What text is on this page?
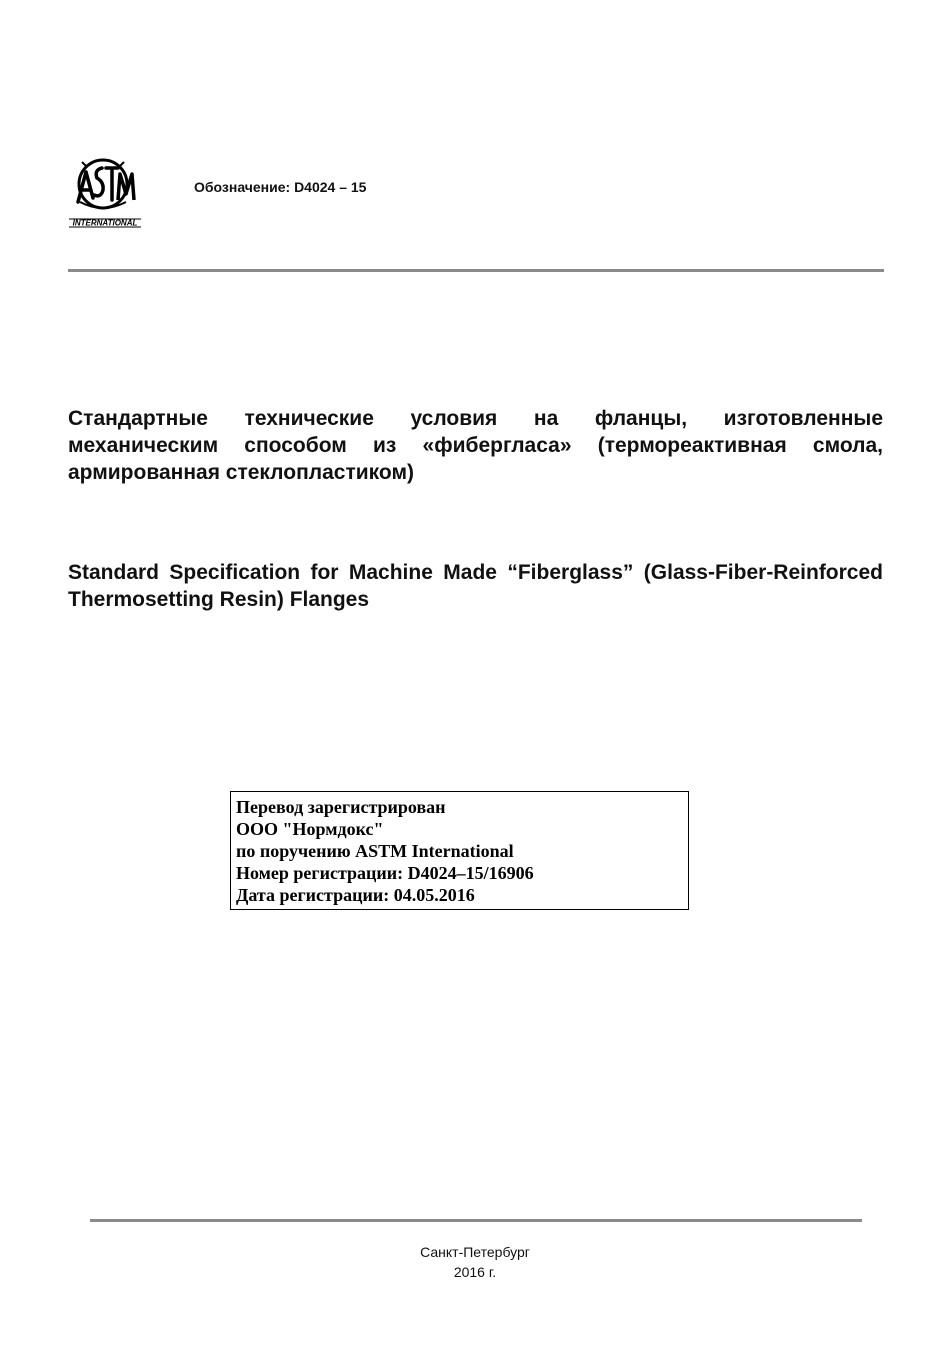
INTERNATIONAL
Обозначение: D4024 – 15

Стандартные технические условия на фланцы, изготовленные механическим способом из «фибергласа» (термореактивная смола, армированная стеклопластиком)

Standard Specification for Machine Made “Fiberglass” (Glass-Fiber-Reinforced Thermosetting Resin) Flanges

Перевод зарегистрирован
ООО "Нормдокс"
по поручению ASTM International
Номер регистрации: D4024–15/16906
Дата регистрации: 04.05.2016
Санкт-Петербург
2016 г.
